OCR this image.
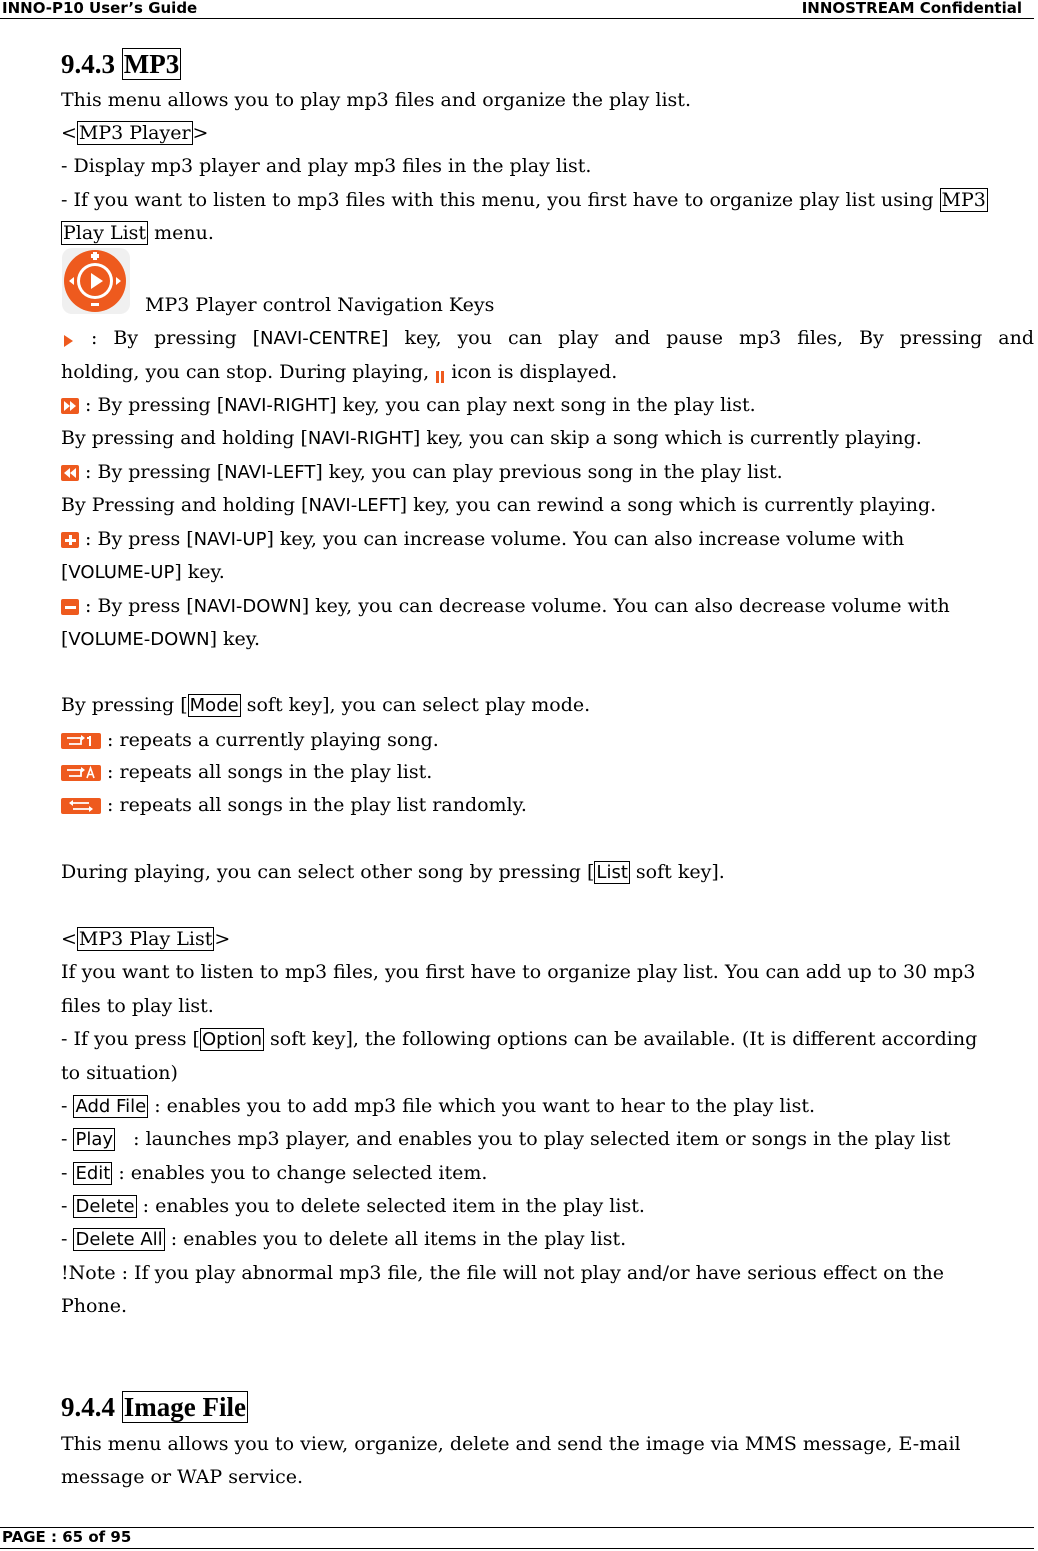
INNO-P10 User’s Guide	INNOSTREAM Confidential
9.4.3 MP3
This menu allows you to play mp3 files and organize the play list.
< MP3 Player >
- Display mp3 player and play mp3 files in the play list.
- If you want to listen to mp3 files with this menu, you first have to organize play list using MP3
Play List menu.
MP3 Player control Navigation Keys
: By pressing [NAVI-CENTRE] key, you can play and pause mp3 files, By pressing and
holding, you can stop. During playing,  icon is displayed.
: By pressing [NAVI-RIGHT] key, you can play next song in the play list.
By pressing and holding [NAVI-RIGHT] key, you can skip a song which is currently playing.
: By pressing [NAVI-LEFT] key, you can play previous song in the play list.
By Pressing and holding [NAVI-LEFT] key, you can rewind a song which is currently playing.
: By press [NAVI-UP] key, you can increase volume. You can also increase volume with
[VOLUME-UP] key.
: By press [NAVI-DOWN] key, you can decrease volume. You can also decrease volume with
[VOLUME-DOWN] key.
By pressing [ Mode soft key], you can select play mode.
: repeats a currently playing song.
: repeats all songs in the play list.
: repeats all songs in the play list randomly.
During playing, you can select other song by pressing [ List soft key].
< MP3 Play List >
If you want to listen to mp3 files, you first have to organize play list. You can add up to 30 mp3
files to play list.
- If you press [ Option soft key], the following options can be available. (It is different according
to situation)
- Add File : enables you to add mp3 file which you want to hear to the play list.
- Play   : launches mp3 player, and enables you to play selected item or songs in the play list
- Edit : enables you to change selected item.
- Delete : enables you to delete selected item in the play list.
- Delete All : enables you to delete all items in the play list.
!Note : If you play abnormal mp3 file, the file will not play and/or have serious effect on the
Phone.
9.4.4 Image File
This menu allows you to view, organize, delete and send the image via MMS message, E-mail
message or WAP service.
PAGE : 65 of 95
